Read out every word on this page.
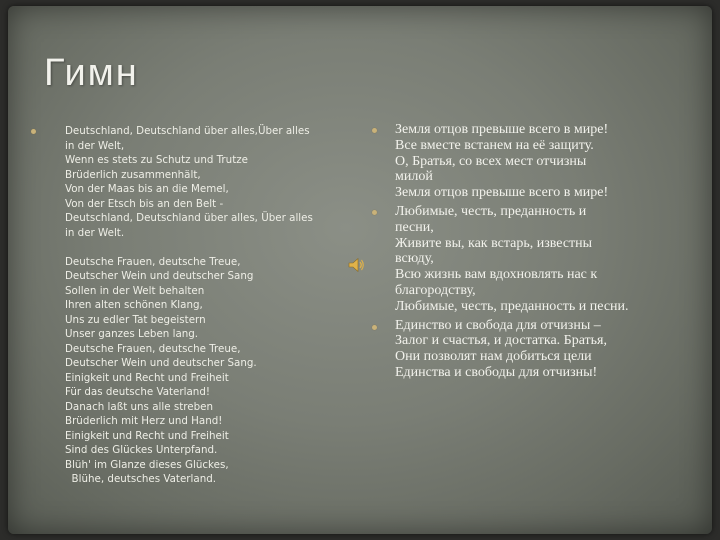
Гимн
Deutschland, Deutschland über alles,Über alles
in der Welt,
Wenn es stets zu Schutz und Trutze
Brüderlich zusammenhält,
Von der Maas bis an die Memel,
Von der Etsch bis an den Belt -
Deutschland, Deutschland über alles, Über alles
in der Welt.
Deutsche Frauen, deutsche Treue,
Deutscher Wein und deutscher Sang
Sollen in der Welt behalten
Ihren alten schönen Klang,
Uns zu edler Tat begeistern
Unser ganzes Leben lang.
Deutsche Frauen, deutsche Treue,
Deutscher Wein und deutscher Sang.
Einigkeit und Recht und Freiheit
Für das deutsche Vaterland!
Danach laßt uns alle streben
Brüderlich mit Herz und Hand!
Einigkeit und Recht und Freiheit
Sind des Glückes Unterpfand.
Blüh' im Glanze dieses Glückes,
Blühe, deutsches Vaterland.
Земля отцов превыше всего в мире!
Все вместе встанем на её защиту.
О, Братья, со всех мест отчизны
милой
Земля отцов превыше всего в мире!
Любимые, честь, преданность и
песни,
Живите вы, как встарь, известны
всюду,
Всю жизнь вам вдохновлять нас к
благородству,
Любимые, честь, преданность и песни.
Единство и свобода для отчизны –
Залог и счастья, и достатка. Братья,
Они позволят нам добиться цели
Единства и свободы для отчизны!
